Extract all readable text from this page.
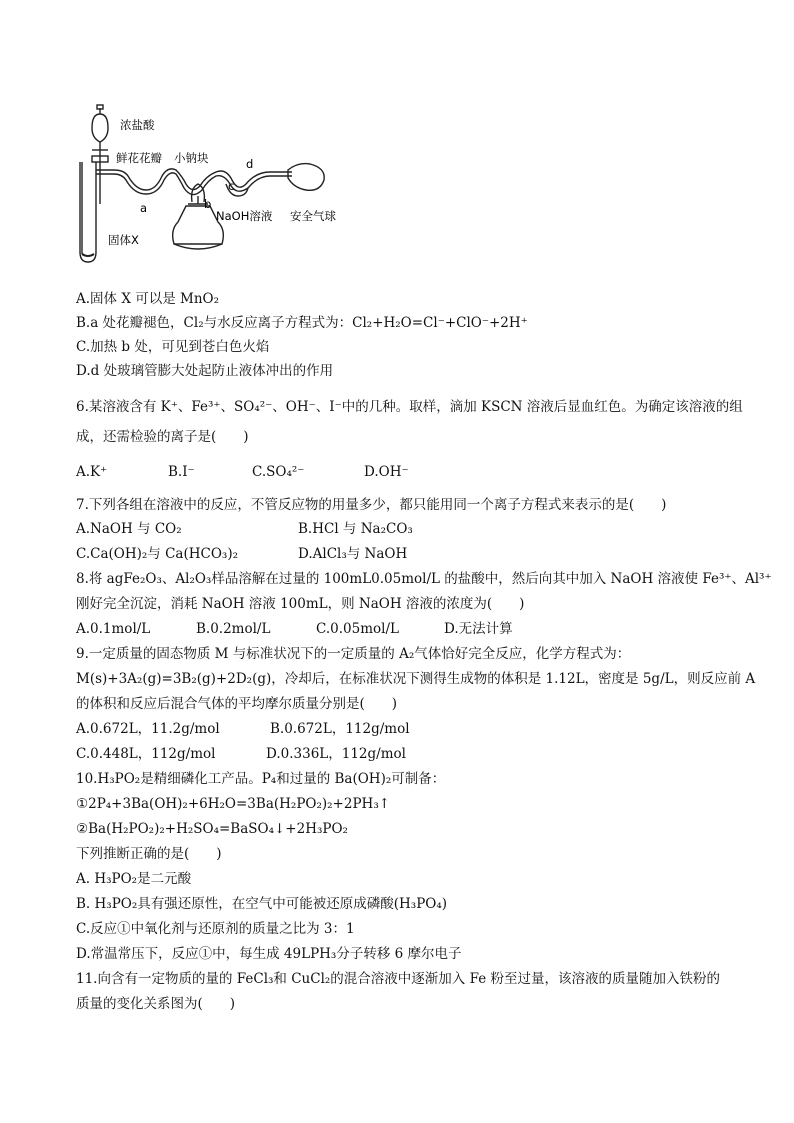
a	b
c
d
浓盐酸
鲜花花瓣 小钠块
NaOH溶液 安全气球
固体X
A.固体 X 可以是 MnO₂
B.a 处花瓣褪色，Cl₂与水反应离子方程式为：Cl₂+H₂O=Cl⁻+ClO⁻+2H⁺
C.加热 b 处，可见到苍白色火焰
D.d 处玻璃管膨大处起防止液体冲出的作用
6.某溶液含有 K⁺、Fe³⁺、SO₄²⁻、OH⁻、I⁻中的几种。取样，滴加 KSCN 溶液后显血红色。为确定该溶液的组
成，还需检验的离子是(　　)
A.K⁺	B.I⁻	C.SO₄²⁻	D.OH⁻
7.下列各组在溶液中的反应，不管反应物的用量多少，都只能用同一个离子方程式来表示的是(　　)
A.NaOH 与 CO₂	B.HCl 与 Na₂CO₃
C.Ca(OH)₂与 Ca(HCO₃)₂	D.AlCl₃与 NaOH
8.将 agFe₂O₃、Al₂O₃样品溶解在过量的 100mL0.05mol/L 的盐酸中，然后向其中加入 NaOH 溶液使 Fe³⁺、Al³⁺
刚好完全沉淀，消耗 NaOH 溶液 100mL，则 NaOH 溶液的浓度为(　　)
A.0.1mol/L	B.0.2mol/L	C.0.05mol/L	D.无法计算
9.一定质量的固态物质 M 与标准状况下的一定质量的 A₂气体恰好完全反应，化学方程式为：
M(s)+3A₂(g)=3B₂(g)+2D₂(g)，冷却后，在标准状况下测得生成物的体积是 1.12L，密度是 5g/L，则反应前 A
的体积和反应后混合气体的平均摩尔质量分别是(　　)
A.0.672L，11.2g/mol	B.0.672L，112g/mol
C.0.448L，112g/mol	D.0.336L，112g/mol
10.H₃PO₂是精细磷化工产品。P₄和过量的 Ba(OH)₂可制备：
①2P₄+3Ba(OH)₂+6H₂O=3Ba(H₂PO₂)₂+2PH₃↑
②Ba(H₂PO₂)₂+H₂SO₄=BaSO₄↓+2H₃PO₂
下列推断正确的是(　　)
A. H₃PO₂是二元酸
B. H₃PO₂具有强还原性，在空气中可能被还原成磷酸(H₃PO₄)
C.反应①中氧化剂与还原剂的质量之比为 3：1
D.常温常压下，反应①中，每生成 49LPH₃分子转移 6 摩尔电子
11.向含有一定物质的量的 FeCl₃和 CuCl₂的混合溶液中逐渐加入 Fe 粉至过量，该溶液的质量随加入铁粉的
质量的变化关系图为(　　)
